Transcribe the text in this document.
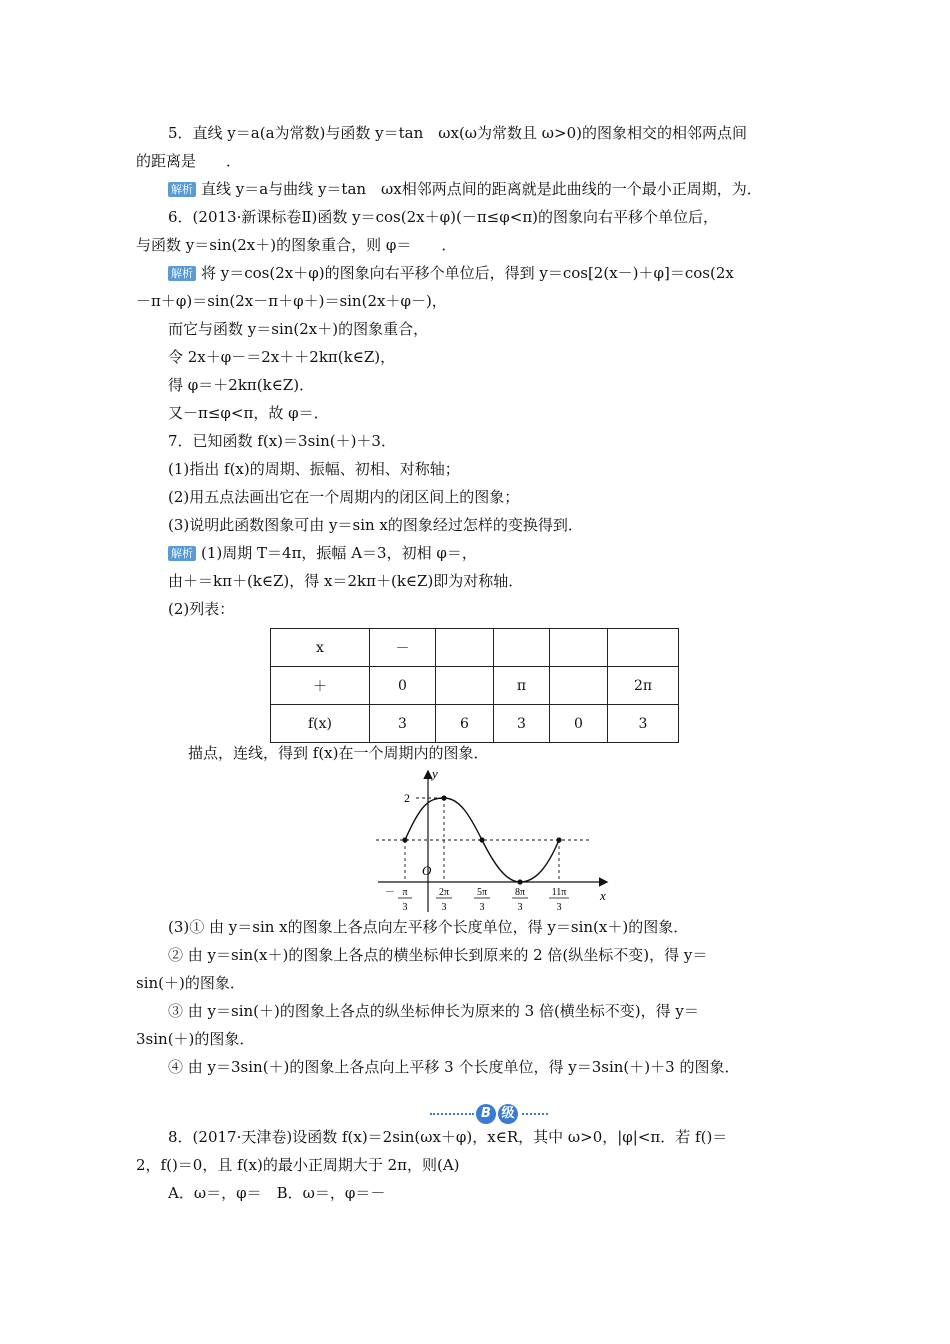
5．直线 y＝a(a为常数)与函数 y＝tan　ωx(ω为常数且 ω>0)的图象相交的相邻两点间
的距离是　　．
解析 直线 y＝a与曲线 y＝tan　ωx相邻两点间的距离就是此曲线的一个最小正周期，为．
6．(2013·新课标卷Ⅱ)函数 y＝cos(2x＋φ)(－π≤φ<π)的图象向右平移个单位后，
与函数 y＝sin(2x＋)的图象重合，则 φ＝　　．
解析 将 y＝cos(2x＋φ)的图象向右平移个单位后，得到 y＝cos[2(x－)＋φ]＝cos(2x
－π＋φ)＝sin(2x－π＋φ＋)＝sin(2x＋φ－)，
而它与函数 y＝sin(2x＋)的图象重合，
令 2x＋φ－＝2x＋＋2kπ(k∈Z)，
得 φ＝＋2kπ(k∈Z)．
又－π≤φ<π，故 φ＝．
7．已知函数 f(x)＝3sin(＋)＋3．
(1)指出 f(x)的周期、振幅、初相、对称轴；
(2)用五点法画出它在一个周期内的闭区间上的图象；
(3)说明此函数图象可由 y＝sin x的图象经过怎样的变换得到．
解析 (1)周期 T＝4π，振幅 A＝3，初相 φ＝，
由＋＝kπ＋(k∈Z)，得 x＝2kπ＋(k∈Z)即为对称轴．
(2)列表：
x	－				
＋	0		π		2π
f(x)	3	6	3	0	3
描点，连线，得到 f(x)在一个周期内的图象．
y
x
O
2
－ π
3
2π
3
5π
3
8π
3
11π
3
(3)① 由 y＝sin x的图象上各点向左平移个长度单位，得 y＝sin(x＋)的图象．
② 由 y＝sin(x＋)的图象上各点的横坐标伸长到原来的 2 倍(纵坐标不变)，得 y＝
sin(＋)的图象．
③ 由 y＝sin(＋)的图象上各点的纵坐标伸长为原来的 3 倍(横坐标不变)，得 y＝
3sin(＋)的图象．
④ 由 y＝3sin(＋)的图象上各点向上平移 3 个长度单位，得 y＝3sin(＋)＋3 的图象．
B 级
8．(2017·天津卷)设函数 f(x)＝2sin(ωx＋φ)，x∈R，其中 ω>0，|φ|<π．若 f()＝
2，f()＝0，且 f(x)的最小正周期大于 2π，则(A)
A．ω＝，φ＝　B．ω＝，φ＝－
